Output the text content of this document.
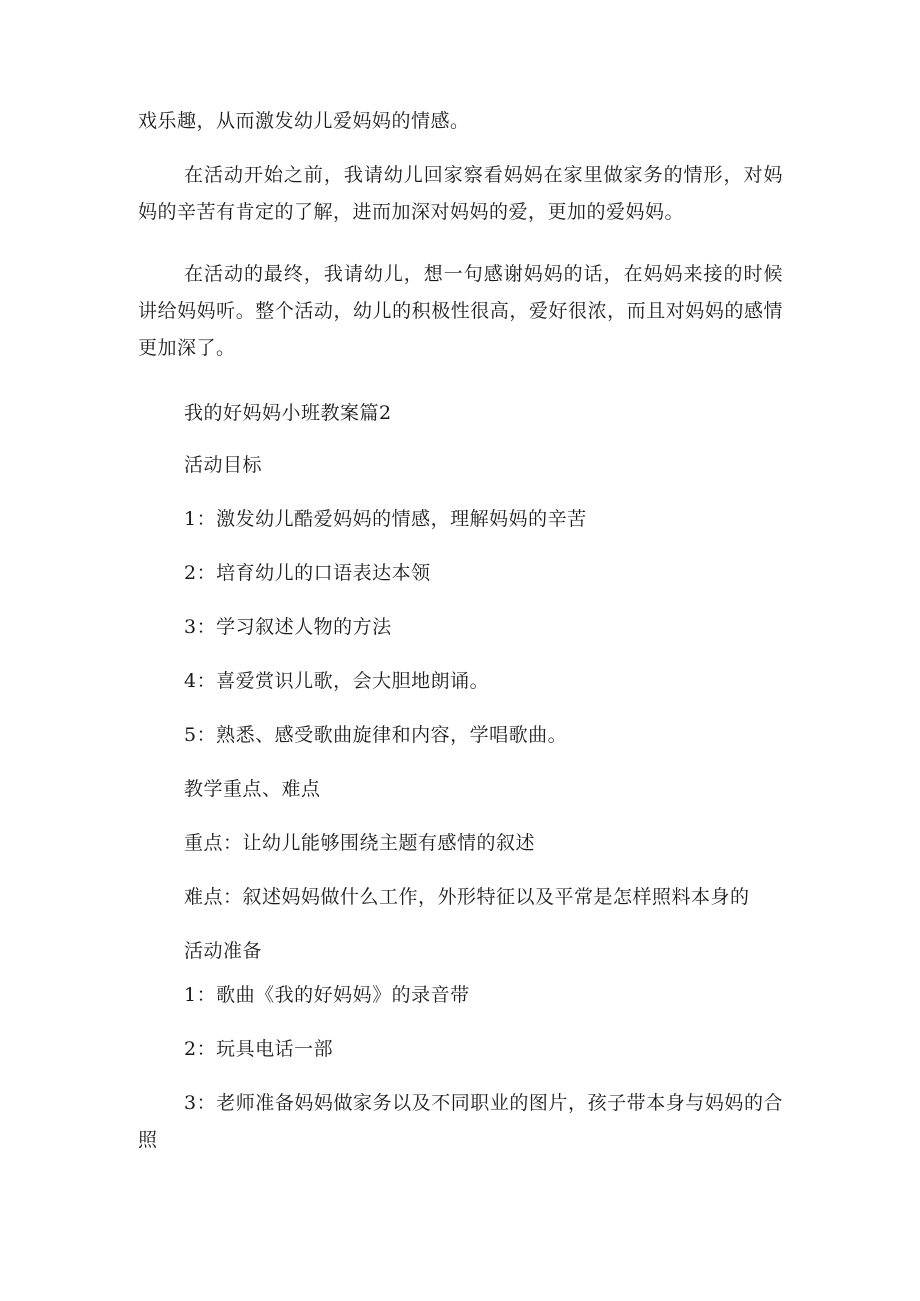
戏乐趣，从而激发幼儿爱妈妈的情感。

在活动开始之前，我请幼儿回家察看妈妈在家里做家务的情形，对妈妈的辛苦有肯定的了解，进而加深对妈妈的爱，更加的爱妈妈。

在活动的最终，我请幼儿，想一句感谢妈妈的话，在妈妈来接的时候讲给妈妈听。整个活动，幼儿的积极性很高，爱好很浓，而且对妈妈的感情更加深了。

我的好妈妈小班教案篇2

活动目标

1：激发幼儿酷爱妈妈的情感，理解妈妈的辛苦

2：培育幼儿的口语表达本领

3：学习叙述人物的方法

4：喜爱赏识儿歌，会大胆地朗诵。

5：熟悉、感受歌曲旋律和内容，学唱歌曲。

教学重点、难点

重点：让幼儿能够围绕主题有感情的叙述

难点：叙述妈妈做什么工作，外形特征以及平常是怎样照料本身的

活动准备

1：歌曲《我的好妈妈》的录音带

2：玩具电话一部

3：老师准备妈妈做家务以及不同职业的图片，孩子带本身与妈妈的合照
